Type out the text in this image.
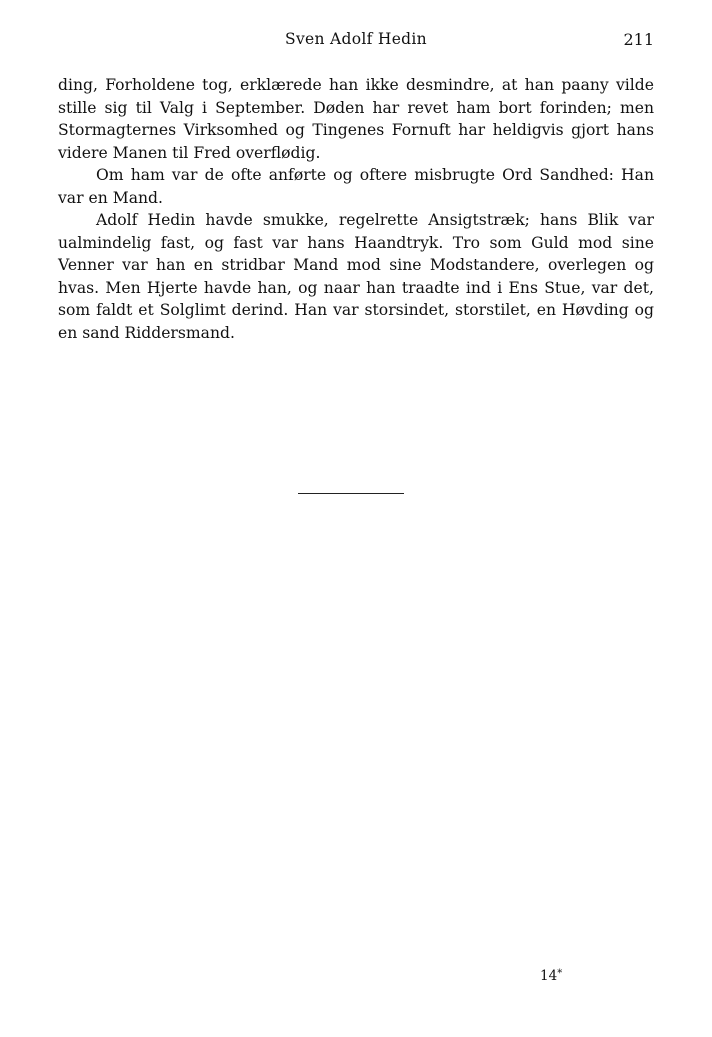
Sven Adolf Hedin	211

ding, Forholdene tog, erklærede han ikke desmindre, at han paany vilde stille sig til Valg i September. Døden har revet ham bort forinden; men Stormagternes Virksomhed og Tingenes Fornuft har heldigvis gjort hans videre Manen til Fred overflødig.

Om ham var de ofte anførte og oftere misbrugte Ord Sandhed: Han var en Mand.

Adolf Hedin havde smukke, regelrette Ansigtstræk; hans Blik var ualmindelig fast, og fast var hans Haandtryk. Tro som Guld mod sine Venner var han en stridbar Mand mod sine Modstandere, overlegen og hvas. Men Hjerte havde han, og naar han traadte ind i Ens Stue, var det, som faldt et Solglimt derind. Han var storsindet, storstilet, en Høvding og en sand Riddersmand.

14*
